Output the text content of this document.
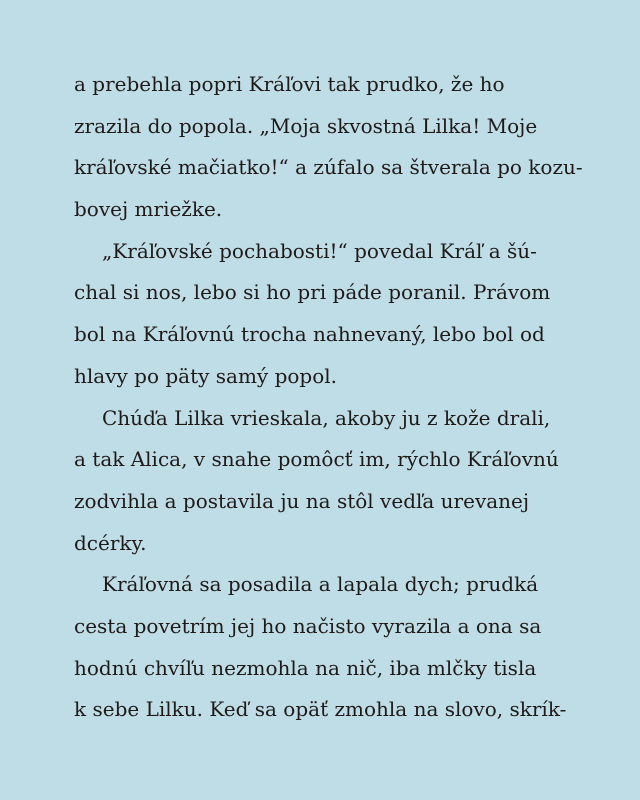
a prebehla popri Kráľovi tak prudko, že ho
zrazila do popola. „Moja skvostná Lilka! Moje
kráľovské mačiatko!“ a zúfalo sa štverala po kozu-
bovej mriežke.
„Kráľovské pochabosti!“ povedal Kráľ a šú-
chal si nos, lebo si ho pri páde poranil. Právom
bol na Kráľovnú trocha nahnevaný, lebo bol od
hlavy po päty samý popol.
Chúďa Lilka vrieskala, akoby ju z kože drali,
a tak Alica, v snahe pomôcť im, rýchlo Kráľovnú
zodvihla a postavila ju na stôl vedľa urevanej
dcérky.
Kráľovná sa posadila a lapala dych; prudká
cesta povetrím jej ho načisto vyrazila a ona sa
hodnú chvíľu nezmohla na nič, iba mlčky tisla
k sebe Lilku. Keď sa opäť zmohla na slovo, skrík-
